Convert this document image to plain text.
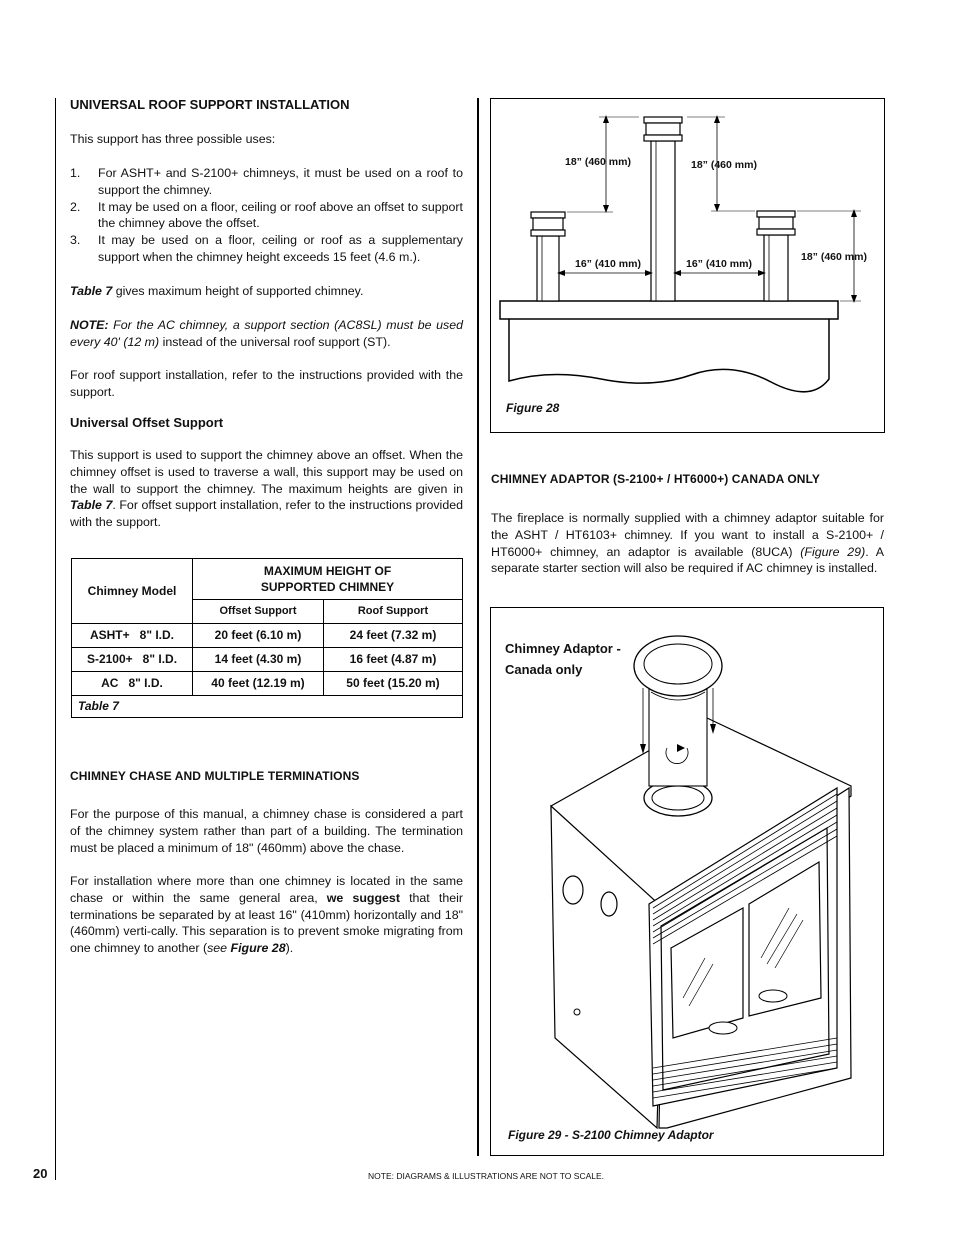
UNIVERSAL ROOF SUPPORT INSTALLATION

This support has three possible uses:

1. For ASHT+ and S-2100+ chimneys, it must be used on a roof to support the chimney.
2. It may be used on a floor, ceiling or roof above an offset to support the chimney above the offset.
3. It may be used on a floor, ceiling or roof as a supplementary support when the chimney height exceeds 15 feet (4.6 m.).

Table 7 gives maximum height of supported chimney.

NOTE: For the AC chimney, a support section (AC8SL) must be used every 40' (12 m) instead of the universal roof support (ST).

For roof support installation, refer to the instructions provided with the support.

Universal Offset Support

This support is used to support the chimney above an offset. When the chimney offset is used to traverse a wall, this support may be used on the wall to support the chimney. The maximum heights are given in Table 7. For offset support installation, refer to the instructions provided with the support.

Chimney Model	MAXIMUM HEIGHT OF
SUPPORTED CHIMNEY	
	Offset Support	Roof Support
ASHT+   8" I.D.	20 feet (6.10 m)	24 feet (7.32 m)
S-2100+   8" I.D.	14 feet (4.30 m)	16 feet (4.87 m)
AC   8" I.D.	40 feet (12.19 m)	50 feet (15.20 m)
Table 7		
CHIMNEY CHASE AND MULTIPLE TERMINATIONS

For the purpose of this manual, a chimney chase is considered a part of the chimney system rather than part of a building. The termination must be placed a minimum of 18" (460mm) above the chase.

For installation where more than one chimney is located in the same chase or within the same general area, we suggest that their terminations be separated by at least 16" (410mm) horizontally and 18" (460mm) verti-cally. This separation is to prevent smoke migrating from one chimney to another (see Figure 28).

18” (460 mm)	18” (460 mm)
18” (460 mm)
16” (410 mm)	16” (410 mm)
Figure 28
CHIMNEY ADAPTOR (S-2100+ / HT6000+) CANADA ONLY

The fireplace is normally supplied with a chimney adaptor suitable for the ASHT / HT6103+ chimney. If you want to install a S-2100+ / HT6000+ chimney, an adaptor is available (8UCA) (Figure 29). A separate starter section will also be required if AC chimney is installed.

Chimney Adaptor -
Canada only
Figure 29 - S-2100 Chimney Adaptor
20	NOTE: DIAGRAMS & ILLUSTRATIONS ARE NOT TO SCALE.
